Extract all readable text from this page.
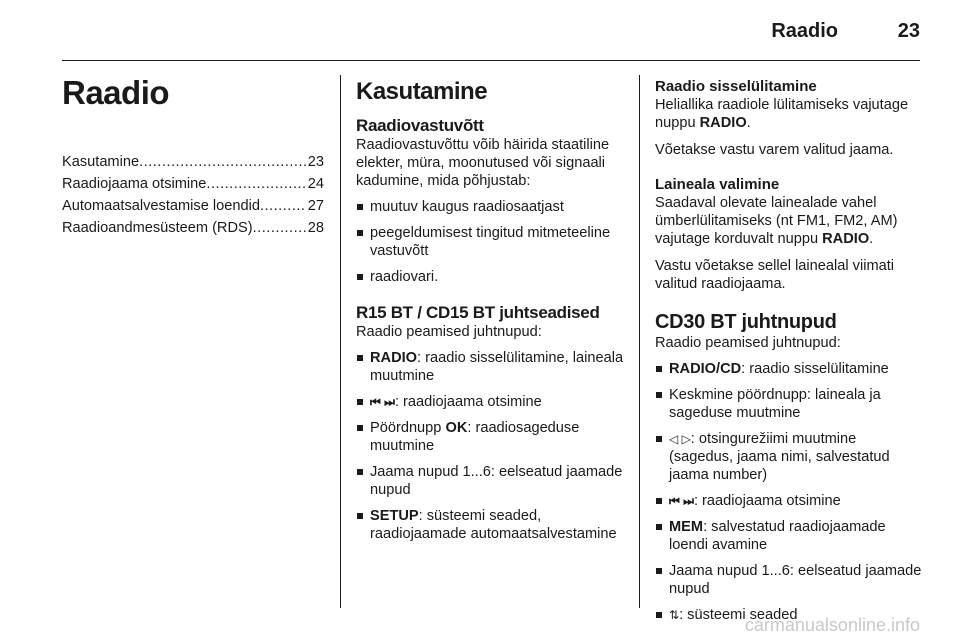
Raadio	23
Raadio
Kasutamine .....	23
Raadiojaama otsimine .....	24
Automaatsalvestamise loendid .....	27
Raadioandmesüsteem (RDS) .....	28
Kasutamine
Raadiovastuvõtt

Raadiovastuvõttu võib häirida staatiline elekter, müra, moonutused või signaali kadumine, mida põhjustab:

muutuv kaugus raadiosaatjast
peegeldumisest tingitud mitmeteeline vastuvõtt
raadiovari.
R15 BT / CD15 BT juhtseadised

Raadio peamised juhtnupud:

RADIO: raadio sisselülitamine, laineala muutmine
⏮ ⏭: raadiojaama otsimine
Pöördnupp OK: raadiosageduse muutmine
Jaama nupud 1...6: eelseatud jaamade nupud
SETUP: süsteemi seaded, raadiojaamade automaatsalvestamine
Raadio sisselülitamine

Heliallika raadiole lülitamiseks vajutage nuppu RADIO.

Võetakse vastu varem valitud jaama.

Laineala valimine

Saadaval olevate lainealade vahel ümberlülitamiseks (nt FM1, FM2, AM) vajutage korduvalt nuppu RADIO.

Vastu võetakse sellel lainealal viimati valitud raadiojaama.

CD30 BT juhtnupud

Raadio peamised juhtnupud:

RADIO/CD: raadio sisselülitamine
Keskmine pöördnupp: laineala ja sageduse muutmine
◁ ▷: otsingurežiimi muutmine (sagedus, jaama nimi, salvestatud jaama number)
⏮ ⏭: raadiojaama otsimine
MEM: salvestatud raadiojaamade loendi avamine
Jaama nupud 1...6: eelseatud jaamade nupud
⇅: süsteemi seaded
carmanualsonline.info
